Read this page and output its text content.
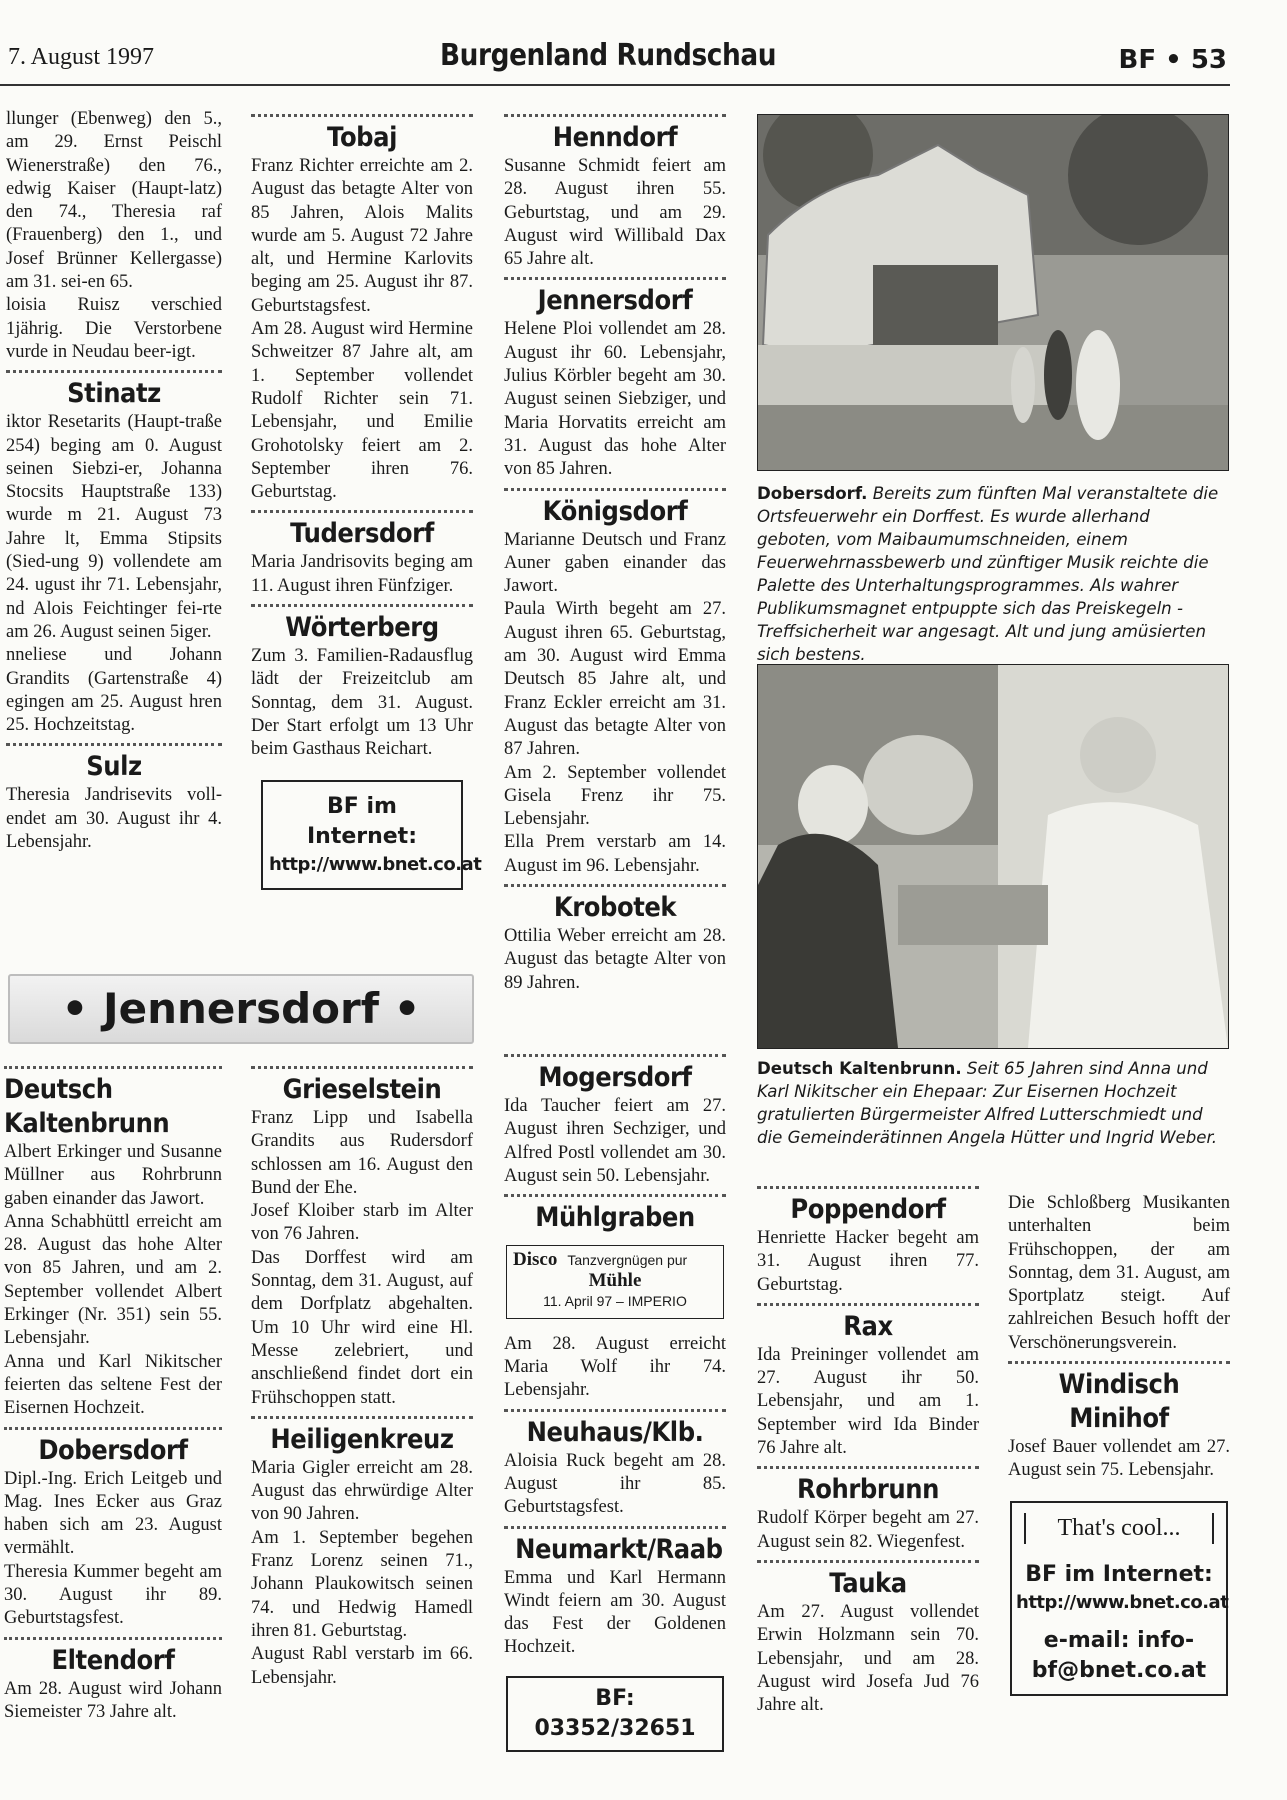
7. August 1997	Burgenland Rundschau	BF • 53

llunger (Ebenweg) den 5., am 29. Ernst Peischl Wienerstraße) den 76., edwig Kaiser (Haupt-latz) den 74., Theresia raf (Frauenberg) den 1., und Josef Brünner Kellergasse) am 31. sei-en 65.

loisia Ruisz verschied 1jährig. Die Verstorbene vurde in Neudau beer-igt.

Stinatz

iktor Resetarits (Haupt-traße 254) beging am 0. August seinen Siebzi-er, Johanna Stocsits Hauptstraße 133) wurde m 21. August 73 Jahre lt, Emma Stipsits (Sied-ung 9) vollendete am 24. ugust ihr 71. Lebensjahr, nd Alois Feichtinger fei-rte am 26. August seinen 5iger.

nneliese und Johann Grandits (Gartenstraße 4) egingen am 25. August hren 25. Hochzeitstag.

Sulz

Theresia Jandrisevits voll-endet am 30. August ihr 4. Lebensjahr.

Tobaj

Franz Richter erreichte am 2. August das betagte Alter von 85 Jahren, Alois Malits wurde am 5. August 72 Jahre alt, und Hermine Karlovits beging am 25. August ihr 87. Geburtstagsfest.

Am 28. August wird Hermine Schweitzer 87 Jahre alt, am 1. September vollendet Rudolf Richter sein 71. Lebensjahr, und Emilie Grohotolsky feiert am 2. September ihren 76. Geburtstag.

Tudersdorf

Maria Jandrisovits beging am 11. August ihren Fünfziger.

Wörterberg

Zum 3. Familien-Radausflug lädt der Freizeitclub am Sonntag, dem 31. August. Der Start erfolgt um 13 Uhr beim Gasthaus Reichart.

BF im Internet:
http://www.bnet.co.at
Henndorf

Susanne Schmidt feiert am 28. August ihren 55. Geburtstag, und am 29. August wird Willibald Dax 65 Jahre alt.

Jennersdorf

Helene Ploi vollendet am 28. August ihr 60. Lebensjahr, Julius Körbler begeht am 30. August seinen Siebziger, und Maria Horvatits erreicht am 31. August das hohe Alter von 85 Jahren.

Königsdorf

Marianne Deutsch und Franz Auner gaben einander das Jawort.

Paula Wirth begeht am 27. August ihren 65. Geburtstag, am 30. August wird Emma Deutsch 85 Jahre alt, und Franz Eckler erreicht am 31. August das betagte Alter von 87 Jahren.

Am 2. September vollendet Gisela Frenz ihr 75. Lebensjahr.

Ella Prem verstarb am 14. August im 96. Lebensjahr.

Krobotek

Ottilia Weber erreicht am 28. August das betagte Alter von 89 Jahren.

Dobersdorf. Bereits zum fünften Mal veranstaltete die Ortsfeuerwehr ein Dorffest. Es wurde allerhand geboten, vom Maibaumumschneiden, einem Feuerwehrnassbewerb und zünftiger Musik reichte die Palette des Unterhaltungsprogrammes. Als wahrer Publikumsmagnet entpuppte sich das Preiskegeln - Treffsicherheit war angesagt. Alt und jung amüsierten sich bestens.
Deutsch Kaltenbrunn. Seit 65 Jahren sind Anna und Karl Nikitscher ein Ehepaar: Zur Eisernen Hochzeit gratulierten Bürgermeister Alfred Lutterschmiedt und die Gemeinderätinnen Angela Hütter und Ingrid Weber.
• Jennersdorf •
Deutsch Kaltenbrunn

Albert Erkinger und Susanne Müllner aus Rohrbrunn gaben einander das Jawort.

Anna Schabhüttl erreicht am 28. August das hohe Alter von 85 Jahren, und am 2. September vollendet Albert Erkinger (Nr. 351) sein 55. Lebensjahr.

Anna und Karl Nikitscher feierten das seltene Fest der Eisernen Hochzeit.

Dobersdorf

Dipl.-Ing. Erich Leitgeb und Mag. Ines Ecker aus Graz haben sich am 23. August vermählt.

Theresia Kummer begeht am 30. August ihr 89. Geburtstagsfest.

Eltendorf

Am 28. August wird Johann Siemeister 73 Jahre alt.

Grieselstein

Franz Lipp und Isabella Grandits aus Rudersdorf schlossen am 16. August den Bund der Ehe.

Josef Kloiber starb im Alter von 76 Jahren.

Das Dorffest wird am Sonntag, dem 31. August, auf dem Dorfplatz abgehalten. Um 10 Uhr wird eine Hl. Messe zelebriert, und anschließend findet dort ein Frühschoppen statt.

Heiligenkreuz

Maria Gigler erreicht am 28. August das ehrwürdige Alter von 90 Jahren.

Am 1. September begehen Franz Lorenz seinen 71., Johann Plaukowitsch seinen 74. und Hedwig Hamedl ihren 81. Geburtstag.

August Rabl verstarb im 66. Lebensjahr.

Mogersdorf

Ida Taucher feiert am 27. August ihren Sechziger, und Alfred Postl vollendet am 30. August sein 50. Lebensjahr.

Mühlgraben
Disco Tanzvergnügen pur
Mühle
11. April 97 – IMPERIO

Am 28. August erreicht Maria Wolf ihr 74. Lebensjahr.

Neuhaus/Klb.

Aloisia Ruck begeht am 28. August ihr 85. Geburtstagsfest.

Neumarkt/Raab

Emma und Karl Hermann Windt feiern am 30. August das Fest der Goldenen Hochzeit.

BF: 03352/32651
Poppendorf

Henriette Hacker begeht am 31. August ihren 77. Geburtstag.

Rax

Ida Preininger vollendet am 27. August ihr 50. Lebensjahr, und am 1. September wird Ida Binder 76 Jahre alt.

Rohrbrunn

Rudolf Körper begeht am 27. August sein 82. Wiegenfest.

Tauka

Am 27. August vollendet Erwin Holzmann sein 70. Lebensjahr, und am 28. August wird Josefa Jud 76 Jahre alt.

Die Schloßberg Musikanten unterhalten beim Frühschoppen, der am Sonntag, dem 31. August, am Sportplatz steigt. Auf zahlreichen Besuch hofft der Verschönerungsverein.

Windisch Minihof

Josef Bauer vollendet am 27. August sein 75. Lebensjahr.

That's cool...
BF im Internet:
http://www.bnet.co.at
e-mail: info-
bf@bnet.co.at
